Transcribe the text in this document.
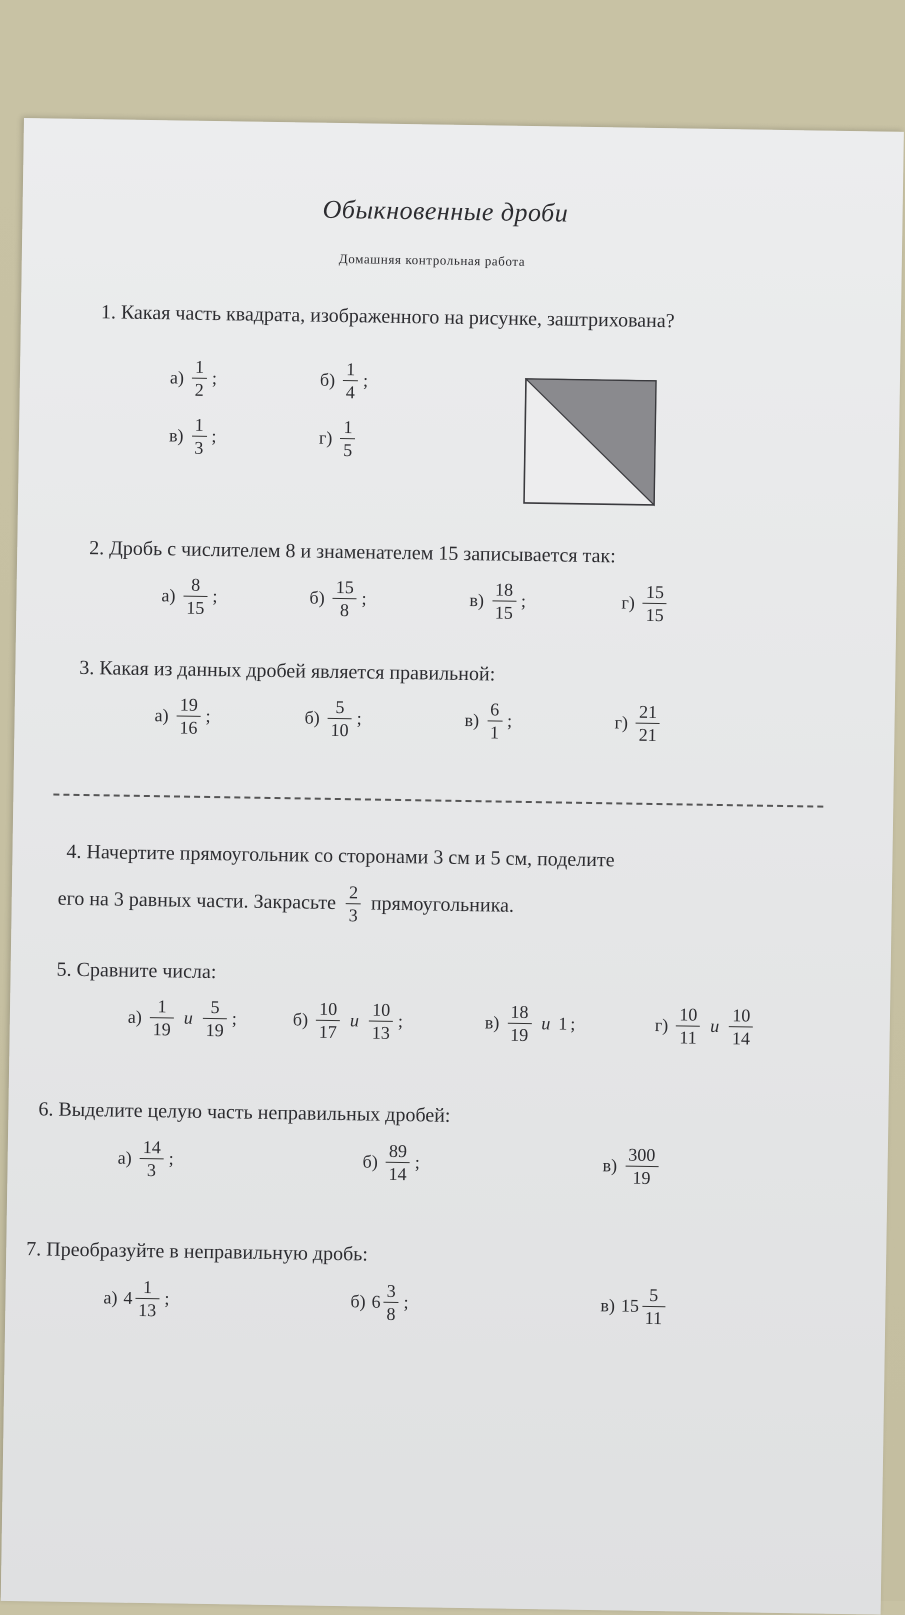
Обыкновенные дроби
Домашняя контрольная работа
1. Какая часть квадрата, изображенного на рисунке, заштрихована?
$а) \frac{1}{2}$ ;	$б) \frac{1}{4}$ ;
$в) \frac{1}{3}$ ;	$г) \frac{1}{5}$
2. Дробь с числителем 8 и знаменателем 15 записывается так:
$а) \frac{8}{15}$ ;	$б) \frac{15}{8}$ ;	$в) \frac{18}{15}$ ;	$г) \frac{15}{15}$
3. Какая из данных дробей является правильной:
$а) \frac{19}{16}$ ;	$б) \frac{5}{10}$ ;	$в) \frac{6}{1}$ ;	$г) \frac{21}{21}$
4. Начертите прямоугольник со сторонами 3 см и 5 см, поделите
его на 3 равных части. Закрасьте $\frac{2}{3}$ прямоугольника.
5. Сравните числа:
$а) \frac{1}{19}$ и $\frac{5}{19}$ ;	$б) \frac{10}{17}$ и $\frac{10}{13}$ ;	$в) \frac{18}{19}$ и 1 ;	$г) \frac{10}{11}$ и $\frac{10}{14}$
6. Выделите целую часть неправильных дробей:
$а) \frac{14}{3}$ ;	$б) \frac{89}{14}$ ;	$в) \frac{300}{19}$
7. Преобразуйте в неправильную дробь:
а) $4 \frac{1}{13}$ ;	б) $6 \frac{3}{8}$ ;	в) $15 \frac{5}{11}$
